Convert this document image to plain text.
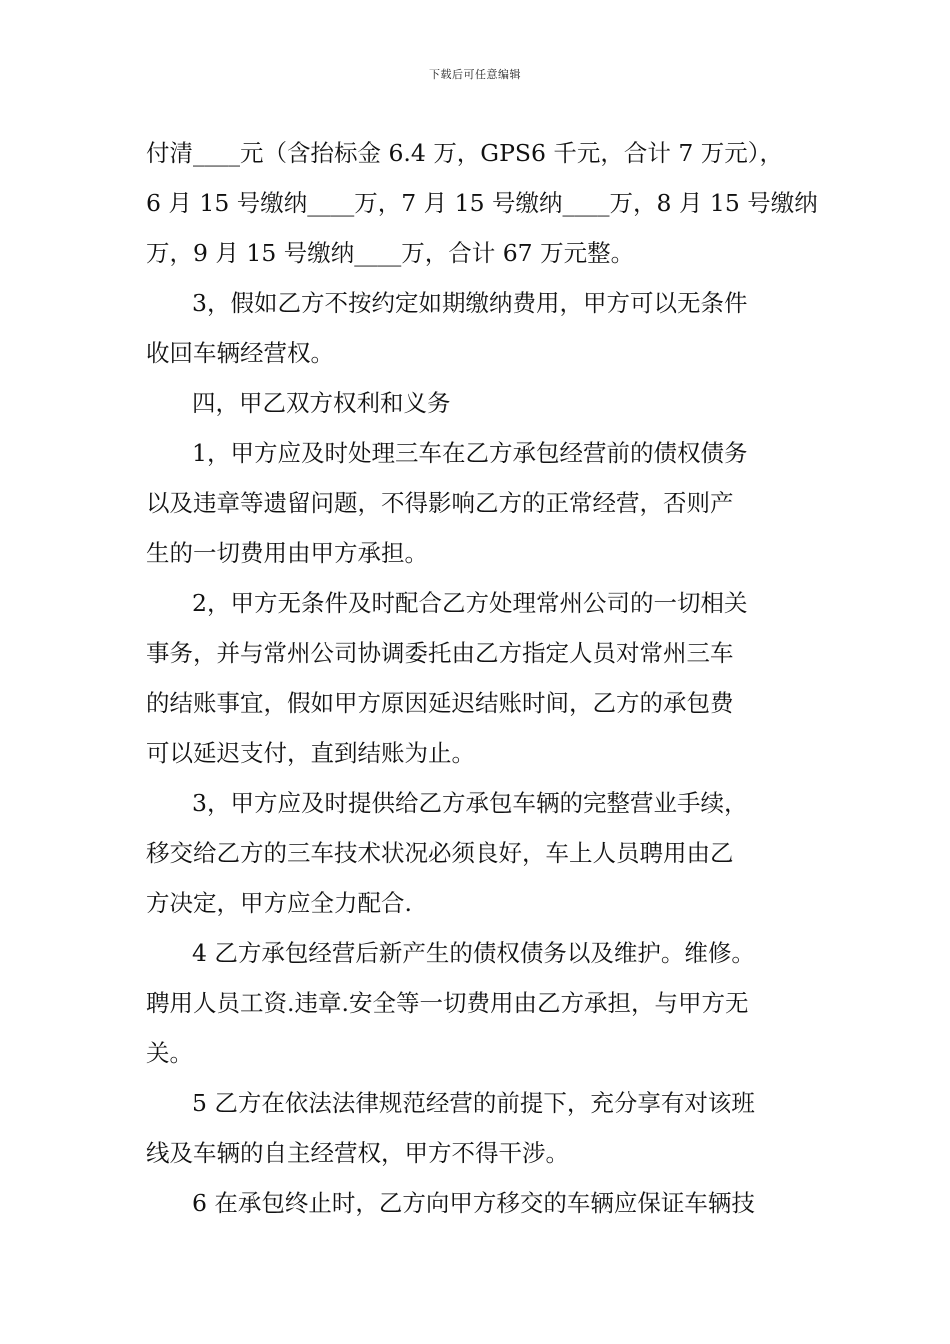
下载后可任意编辑
付清____元（含抬标金 6.4 万，GPS6 千元，合计 7 万元），
6 月 15 号缴纳____万，7 月 15 号缴纳____万，8 月 15 号缴纳
万，9 月 15 号缴纳____万，合计 67 万元整。
3，假如乙方不按约定如期缴纳费用，甲方可以无条件
收回车辆经营权。
四，甲乙双方权利和义务
1，甲方应及时处理三车在乙方承包经营前的债权债务
以及违章等遗留问题，不得影响乙方的正常经营，否则产
生的一切费用由甲方承担。
2，甲方无条件及时配合乙方处理常州公司的一切相关
事务，并与常州公司协调委托由乙方指定人员对常州三车
的结账事宜，假如甲方原因延迟结账时间，乙方的承包费
可以延迟支付，直到结账为止。
3，甲方应及时提供给乙方承包车辆的完整营业手续，
移交给乙方的三车技术状况必须良好，车上人员聘用由乙
方决定，甲方应全力配合.
4 乙方承包经营后新产生的债权债务以及维护。维修。
聘用人员工资.违章.安全等一切费用由乙方承担，与甲方无
关。
5 乙方在依法法律规范经营的前提下，充分享有对该班
线及车辆的自主经营权，甲方不得干涉。
6 在承包终止时，乙方向甲方移交的车辆应保证车辆技
